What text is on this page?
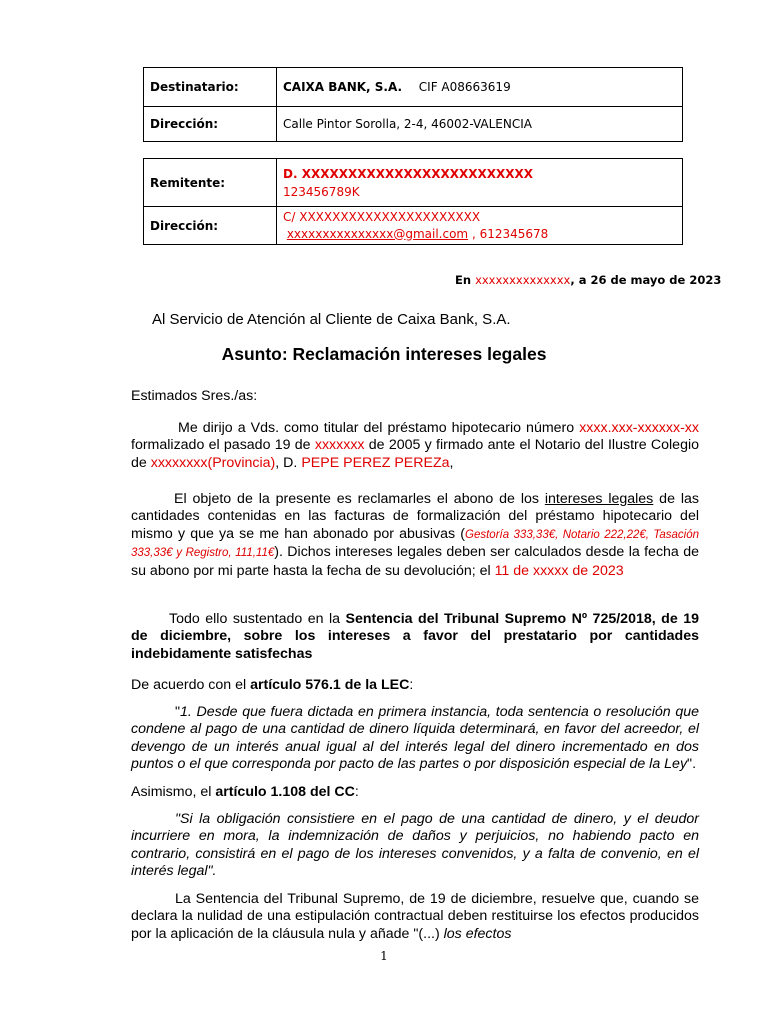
Destinatario:	CAIXA BANK, S.A. CIF A08663619
Dirección:	Calle Pintor Sorolla, 2-4, 46002-VALENCIA
Remitente:	D. XXXXXXXXXXXXXXXXXXXXXXXXX
123456789K

Dirección:	C/ XXXXXXXXXXXXXXXXXXXXXX
xxxxxxxxxxxxxxx@gmail.com , 612345678
En xxxxxxxxxxxxxx, a 26 de mayo de 2023
Al Servicio de Atención al Cliente de Caixa Bank, S.A.
Asunto: Reclamación intereses legales
Estimados Sres./as:
Me dirijo a Vds. como titular del préstamo hipotecario número xxxx.xxx-xxxxxx-xx formalizado el pasado 19 de xxxxxxx de 2005 y firmado ante el Notario del Ilustre Colegio de xxxxxxxx(Provincia), D. PEPE PEREZ PEREZa,
El objeto de la presente es reclamarles el abono de los intereses legales de las cantidades contenidas en las facturas de formalización del préstamo hipotecario del mismo y que ya se me han abonado por abusivas (Gestoría 333,33€, Notario 222,22€, Tasación 333,33€ y Registro, 111,11€). Dichos intereses legales deben ser calculados desde la fecha de su abono por mi parte hasta la fecha de su devolución; el 11 de xxxxx de 2023
Todo ello sustentado en la Sentencia del Tribunal Supremo Nº 725/2018, de 19 de diciembre, sobre los intereses a favor del prestatario por cantidades indebidamente satisfechas
De acuerdo con el artículo 576.1 de la LEC:
"1. Desde que fuera dictada en primera instancia, toda sentencia o resolución que condene al pago de una cantidad de dinero líquida determinará, en favor del acreedor, el devengo de un interés anual igual al del interés legal del dinero incrementado en dos puntos o el que corresponda por pacto de las partes o por disposición especial de la Ley".
Asimismo, el artículo 1.108 del CC:
"Si la obligación consistiere en el pago de una cantidad de dinero, y el deudor incurriere en mora, la indemnización de daños y perjuicios, no habiendo pacto en contrario, consistirá en el pago de los intereses convenidos, y a falta de convenio, en el interés legal".
La Sentencia del Tribunal Supremo, de 19 de diciembre, resuelve que, cuando se declara la nulidad de una estipulación contractual deben restituirse los efectos producidos por la aplicación de la cláusula nula y añade "(...) los efectos
1
